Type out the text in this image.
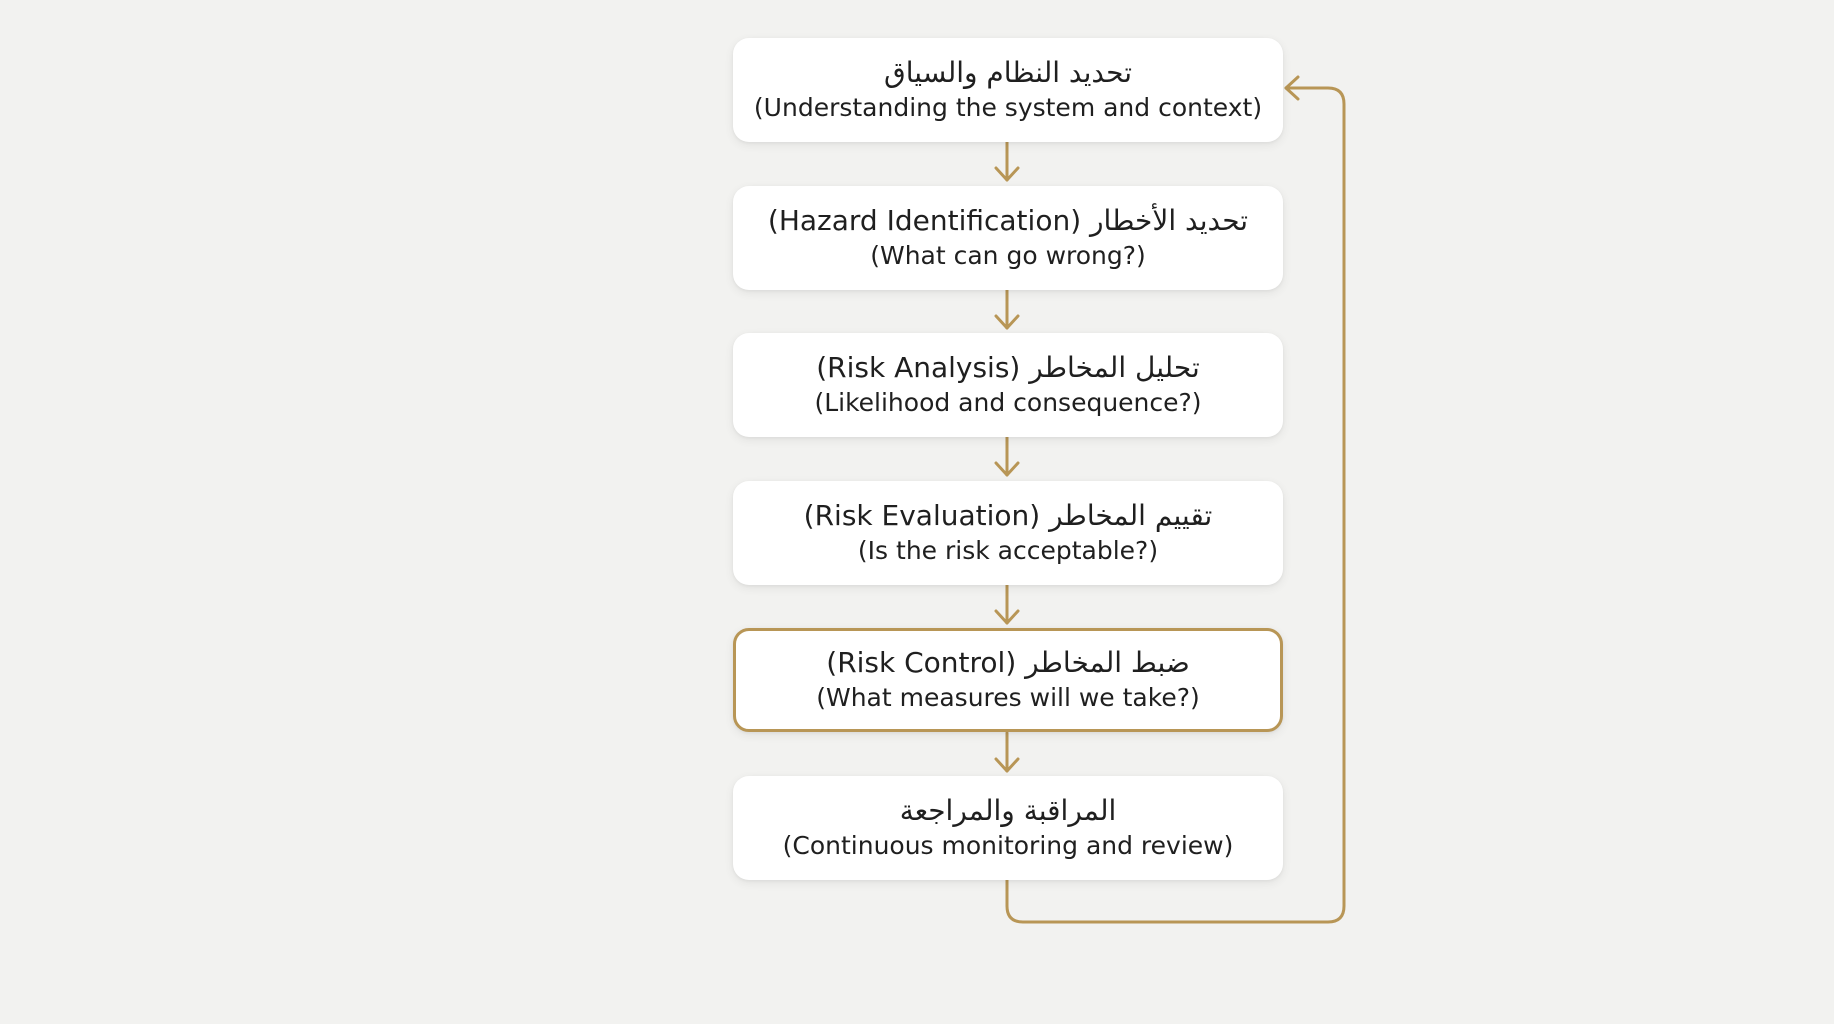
تحديد النظام والسياق
(Understanding the system and context)
(Hazard Identification) تحديد الأخطار
(What can go wrong?)
(Risk Analysis) تحليل المخاطر
(Likelihood and consequence?)
(Risk Evaluation) تقييم المخاطر
(Is the risk acceptable?)
(Risk Control) ضبط المخاطر
(What measures will we take?)
المراقبة والمراجعة
(Continuous monitoring and review)
